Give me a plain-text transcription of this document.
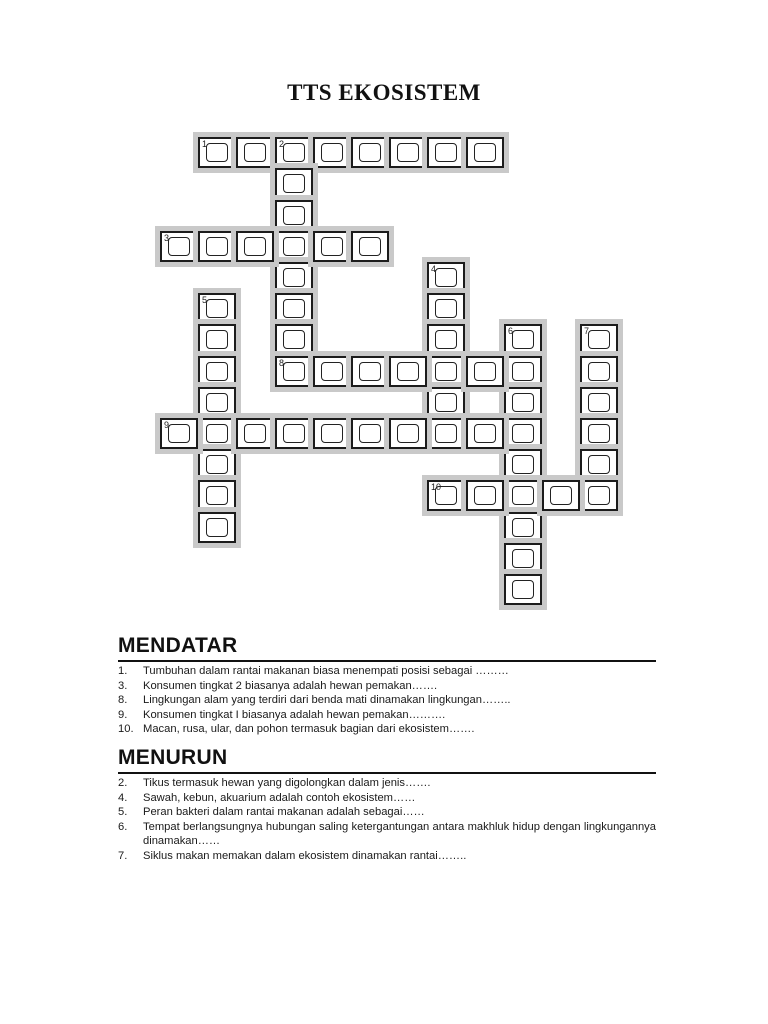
TTS EKOSISTEM
1	2
3
4
5
6	7
8
9
10
MENDATAR
1. Tumbuhan dalam rantai makanan biasa menempati posisi sebagai ………
3. Konsumen tingkat 2 biasanya adalah hewan pemakan…….
8. Lingkungan alam yang terdiri dari benda mati dinamakan lingkungan……..
9. Konsumen tingkat I biasanya adalah hewan pemakan……….
10. Macan, rusa, ular, dan pohon termasuk bagian dari ekosistem…….
MENURUN
2. Tikus termasuk hewan yang digolongkan dalam jenis…….
4. Sawah, kebun, akuarium adalah contoh ekosistem……
5. Peran bakteri dalam rantai makanan adalah sebagai……
6. Tempat berlangsungnya hubungan saling ketergantungan antara makhluk hidup dengan lingkungannya dinamakan……
7. Siklus makan memakan dalam ekosistem dinamakan rantai……..
